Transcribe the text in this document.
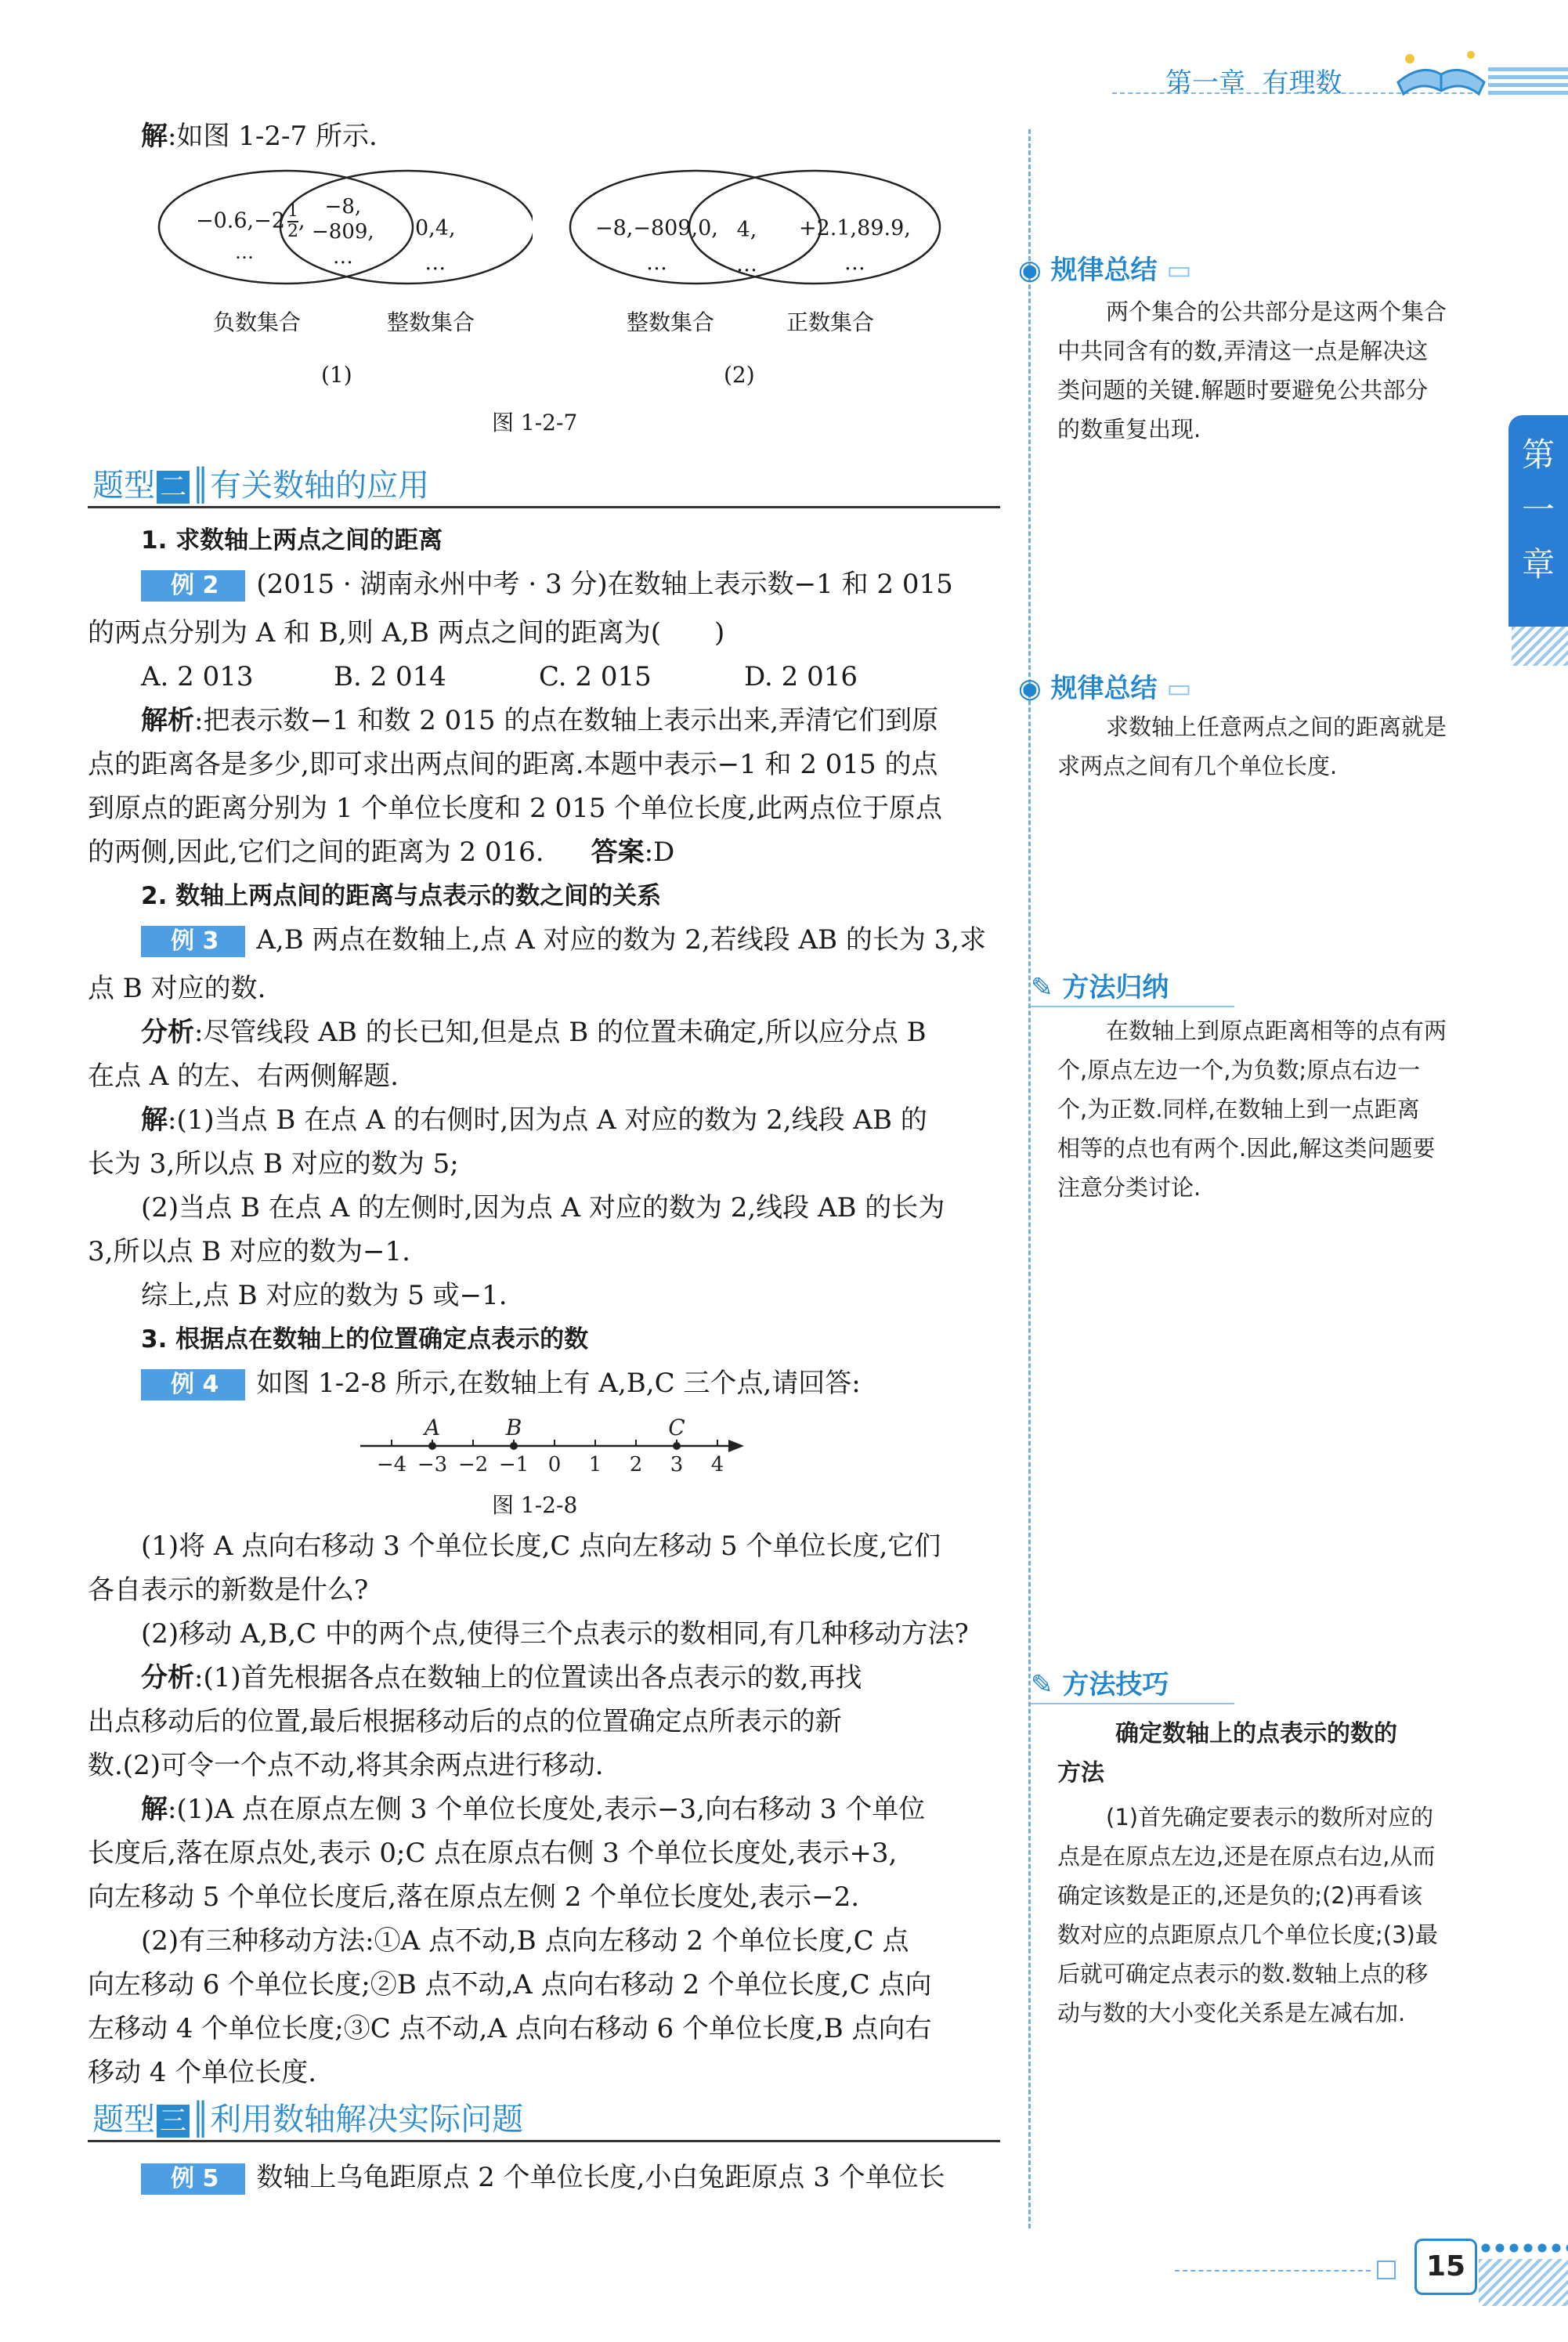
第一章 有理数
第
一
章
解:如图 1-2-7 所示.
$-0.6,-2 \frac{1}{2}$ ,
…
−8,
−809,
…
0,4,
…
负数集合	整数集合
(1)
−8,−809,0,
…
4,
…
+2.1,89.9,
…
整数集合	正数集合
(2)
图 1-2-7
题型 二 ║有关数轴的应用
1. 求数轴上两点之间的距离
例 2 (2015 · 湖南永州中考 · 3 分)在数轴上表示数−1 和 2 015
的两点分别为 A 和 B,则 A,B 两点之间的距离为(　　)
A. 2 013	B. 2 014	C. 2 015	D. 2 016
解析:把表示数−1 和数 2 015 的点在数轴上表示出来,弄清它们到原
点的距离各是多少,即可求出两点间的距离.本题中表示−1 和 2 015 的点
到原点的距离分别为 1 个单位长度和 2 015 个单位长度,此两点位于原点
的两侧,因此,它们之间的距离为 2 016. 答案:D
2. 数轴上两点间的距离与点表示的数之间的关系
例 3 A,B 两点在数轴上,点 A 对应的数为 2,若线段 AB 的长为 3,求
点 B 对应的数.
分析:尽管线段 AB 的长已知,但是点 B 的位置未确定,所以应分点 B
在点 A 的左、右两侧解题.
解:(1)当点 B 在点 A 的右侧时,因为点 A 对应的数为 2,线段 AB 的
长为 3,所以点 B 对应的数为 5;
(2)当点 B 在点 A 的左侧时,因为点 A 对应的数为 2,线段 AB 的长为
3,所以点 B 对应的数为−1.
综上,点 B 对应的数为 5 或−1.
3. 根据点在数轴上的位置确定点表示的数
例 4 如图 1-2-8 所示,在数轴上有 A,B,C 三个点,请回答:
−4 −3 −2 −1 0 1 2 3 4
A	B	C
图 1-2-8
(1)将 A 点向右移动 3 个单位长度,C 点向左移动 5 个单位长度,它们
各自表示的新数是什么?
(2)移动 A,B,C 中的两个点,使得三个点表示的数相同,有几种移动方法?
分析:(1)首先根据各点在数轴上的位置读出各点表示的数,再找
出点移动后的位置,最后根据移动后的点的位置确定点所表示的新
数.(2)可令一个点不动,将其余两点进行移动.
解:(1)A 点在原点左侧 3 个单位长度处,表示−3,向右移动 3 个单位
长度后,落在原点处,表示 0;C 点在原点右侧 3 个单位长度处,表示+3,
向左移动 5 个单位长度后,落在原点左侧 2 个单位长度处,表示−2.
(2)有三种移动方法:①A 点不动,B 点向左移动 2 个单位长度,C 点
向左移动 6 个单位长度;②B 点不动,A 点向右移动 2 个单位长度,C 点向
左移动 4 个单位长度;③C 点不动,A 点向右移动 6 个单位长度,B 点向右
移动 4 个单位长度.
题型 三 ║利用数轴解决实际问题
例 5 数轴上乌龟距原点 2 个单位长度,小白兔距原点 3 个单位长
◉ 规律总结 ▭
两个集合的公共部分是这两个集合
中共同含有的数,弄清这一点是解决这
类问题的关键.解题时要避免公共部分
的数重复出现.
◉ 规律总结 ▭
求数轴上任意两点之间的距离就是
求两点之间有几个单位长度.
✎ 方法归纳
在数轴上到原点距离相等的点有两
个,原点左边一个,为负数;原点右边一
个,为正数.同样,在数轴上到一点距离
相等的点也有两个.因此,解这类问题要
注意分类讨论.
✎ 方法技巧
确定数轴上的点表示的数的
方法
(1)首先确定要表示的数所对应的
点是在原点左边,还是在原点右边,从而
确定该数是正的,还是负的;(2)再看该
数对应的点距原点几个单位长度;(3)最
后就可确定点表示的数.数轴上点的移
动与数的大小变化关系是左减右加.
15
